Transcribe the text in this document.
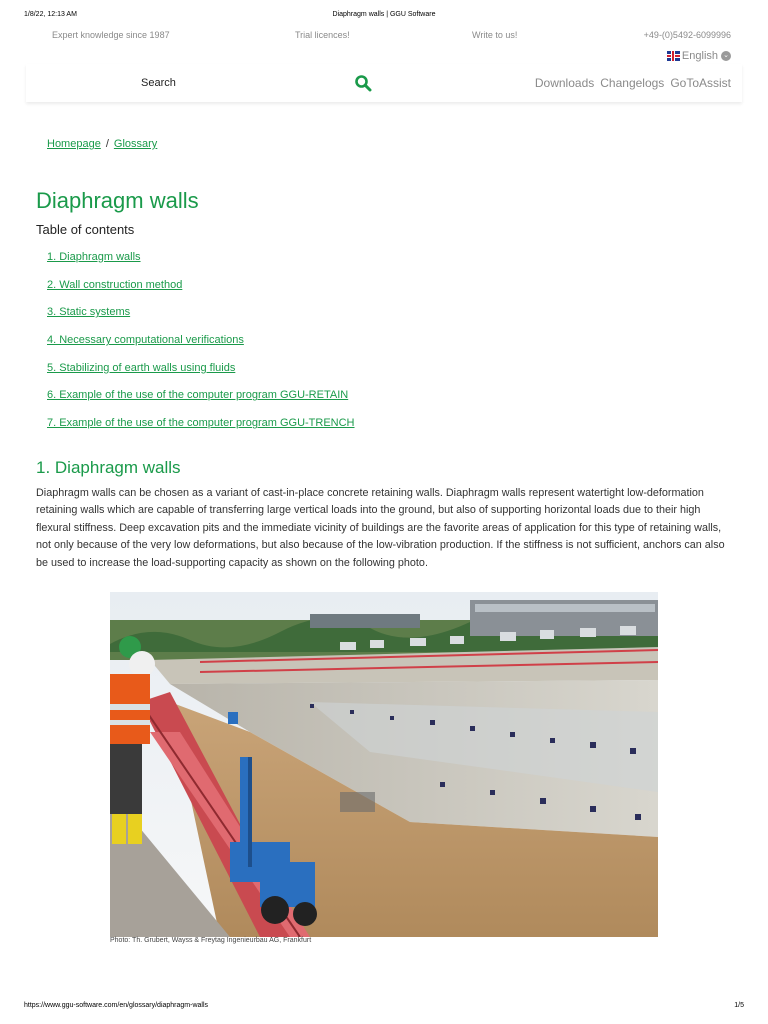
1/8/22, 12:13 AM	Diaphragm walls | GGU Software
Expert knowledge since 1987	Trial licences!	Write to us!	+49-(0)5492-6099996
English ⌄
Search	Downloads Changelogs GoToAssist
Homepage / Glossary
Diaphragm walls
Table of contents
1. Diaphragm walls
2. Wall construction method
3. Static systems
4. Necessary computational verifications
5. Stabilizing of earth walls using fluids
6. Example of the use of the computer program GGU-RETAIN
7. Example of the use of the computer program GGU-TRENCH
1. Diaphragm walls

Diaphragm walls can be chosen as a variant of cast-in-place concrete retaining walls. Diaphragm walls represent watertight low-deformation retaining walls which are capable of transferring large vertical loads into the ground, but also of supporting horizontal loads due to their high flexural stiffness. Deep excavation pits and the immediate vicinity of buildings are the favorite areas of application for this type of retaining walls, not only because of the very low deformations, but also because of the low-vibration production. If the stiffness is not sufficient, anchors can also be used to increase the load-supporting capacity as shown on the following photo.

Photo: Th. Grubert, Wayss & Freytag Ingenieurbau AG, Frankfurt
https://www.ggu-software.com/en/glossary/diaphragm-walls	1/5
